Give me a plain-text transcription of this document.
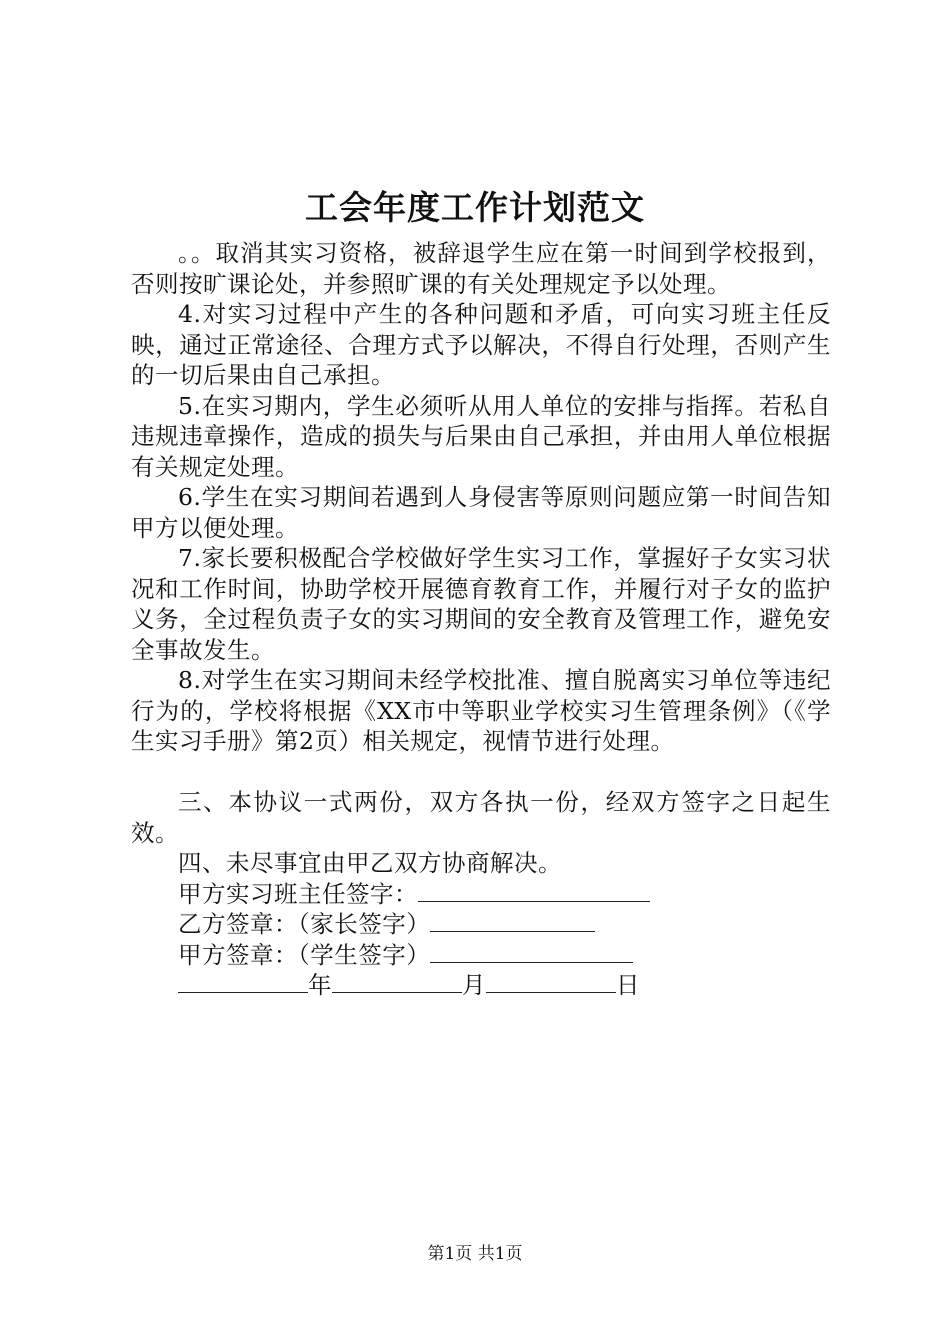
工会年度工作计划范文

。。取消其实习资格，被辞退学生应在第一时间到学校报到，否则按旷课论处，并参照旷课的有关处理规定予以处理。

4.对实习过程中产生的各种问题和矛盾，可向实习班主任反映，通过正常途径、合理方式予以解决，不得自行处理，否则产生的一切后果由自己承担。

5.在实习期内，学生必须听从用人单位的安排与指挥。若私自违规违章操作，造成的损失与后果由自己承担，并由用人单位根据有关规定处理。

6.学生在实习期间若遇到人身侵害等原则问题应第一时间告知甲方以便处理。

7.家长要积极配合学校做好学生实习工作，掌握好子女实习状况和工作时间，协助学校开展德育教育工作，并履行对子女的监护义务，全过程负责子女的实习期间的安全教育及管理工作，避免安全事故发生。

8.对学生在实习期间未经学校批准、擅自脱离实习单位等违纪行为的，学校将根据《XX市中等职业学校实习生管理条例》（《学生实习手册》第2页）相关规定，视情节进行处理。

三、本协议一式两份，双方各执一份，经双方签字之日起生效。

四、未尽事宜由甲乙双方协商解决。

甲方实习班主任签字：

乙方签章：（家长签字）

甲方签章：（学生签字）

年	月	日

第1页 共1页
